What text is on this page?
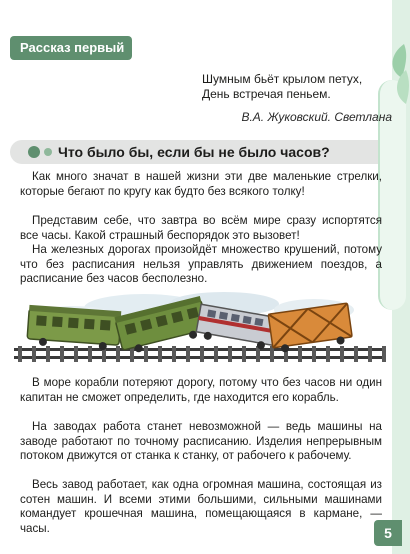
Рассказ первый
Шумным бьёт крылом петух,
День встречая пеньем.
В.А. Жуковский. Светлана
Что было бы, если бы не было часов?

Как много значат в нашей жизни эти две маленькие стрелки, которые бегают по кругу как будто без всякого толку!

Представим себе, что завтра во всём мире сразу испортятся все часы. Какой страшный беспорядок это вызовет!

На железных дорогах произойдёт множество крушений, потому что без расписания нельзя управлять движением поездов, а расписание без часов бесполезно.

В море корабли потеряют дорогу, потому что без часов ни один капитан не сможет определить, где находится его корабль.

На заводах работа станет невозможной — ведь машины на заводе работают по точному расписанию. Изделия непрерывным потоком движутся от станка к станку, от рабочего к рабочему.

Весь завод работает, как одна огромная машина, состоящая из сотен машин. И всеми этими большими, сильными машинами командует крошечная машина, помещающаяся в кармане, — часы.	5
